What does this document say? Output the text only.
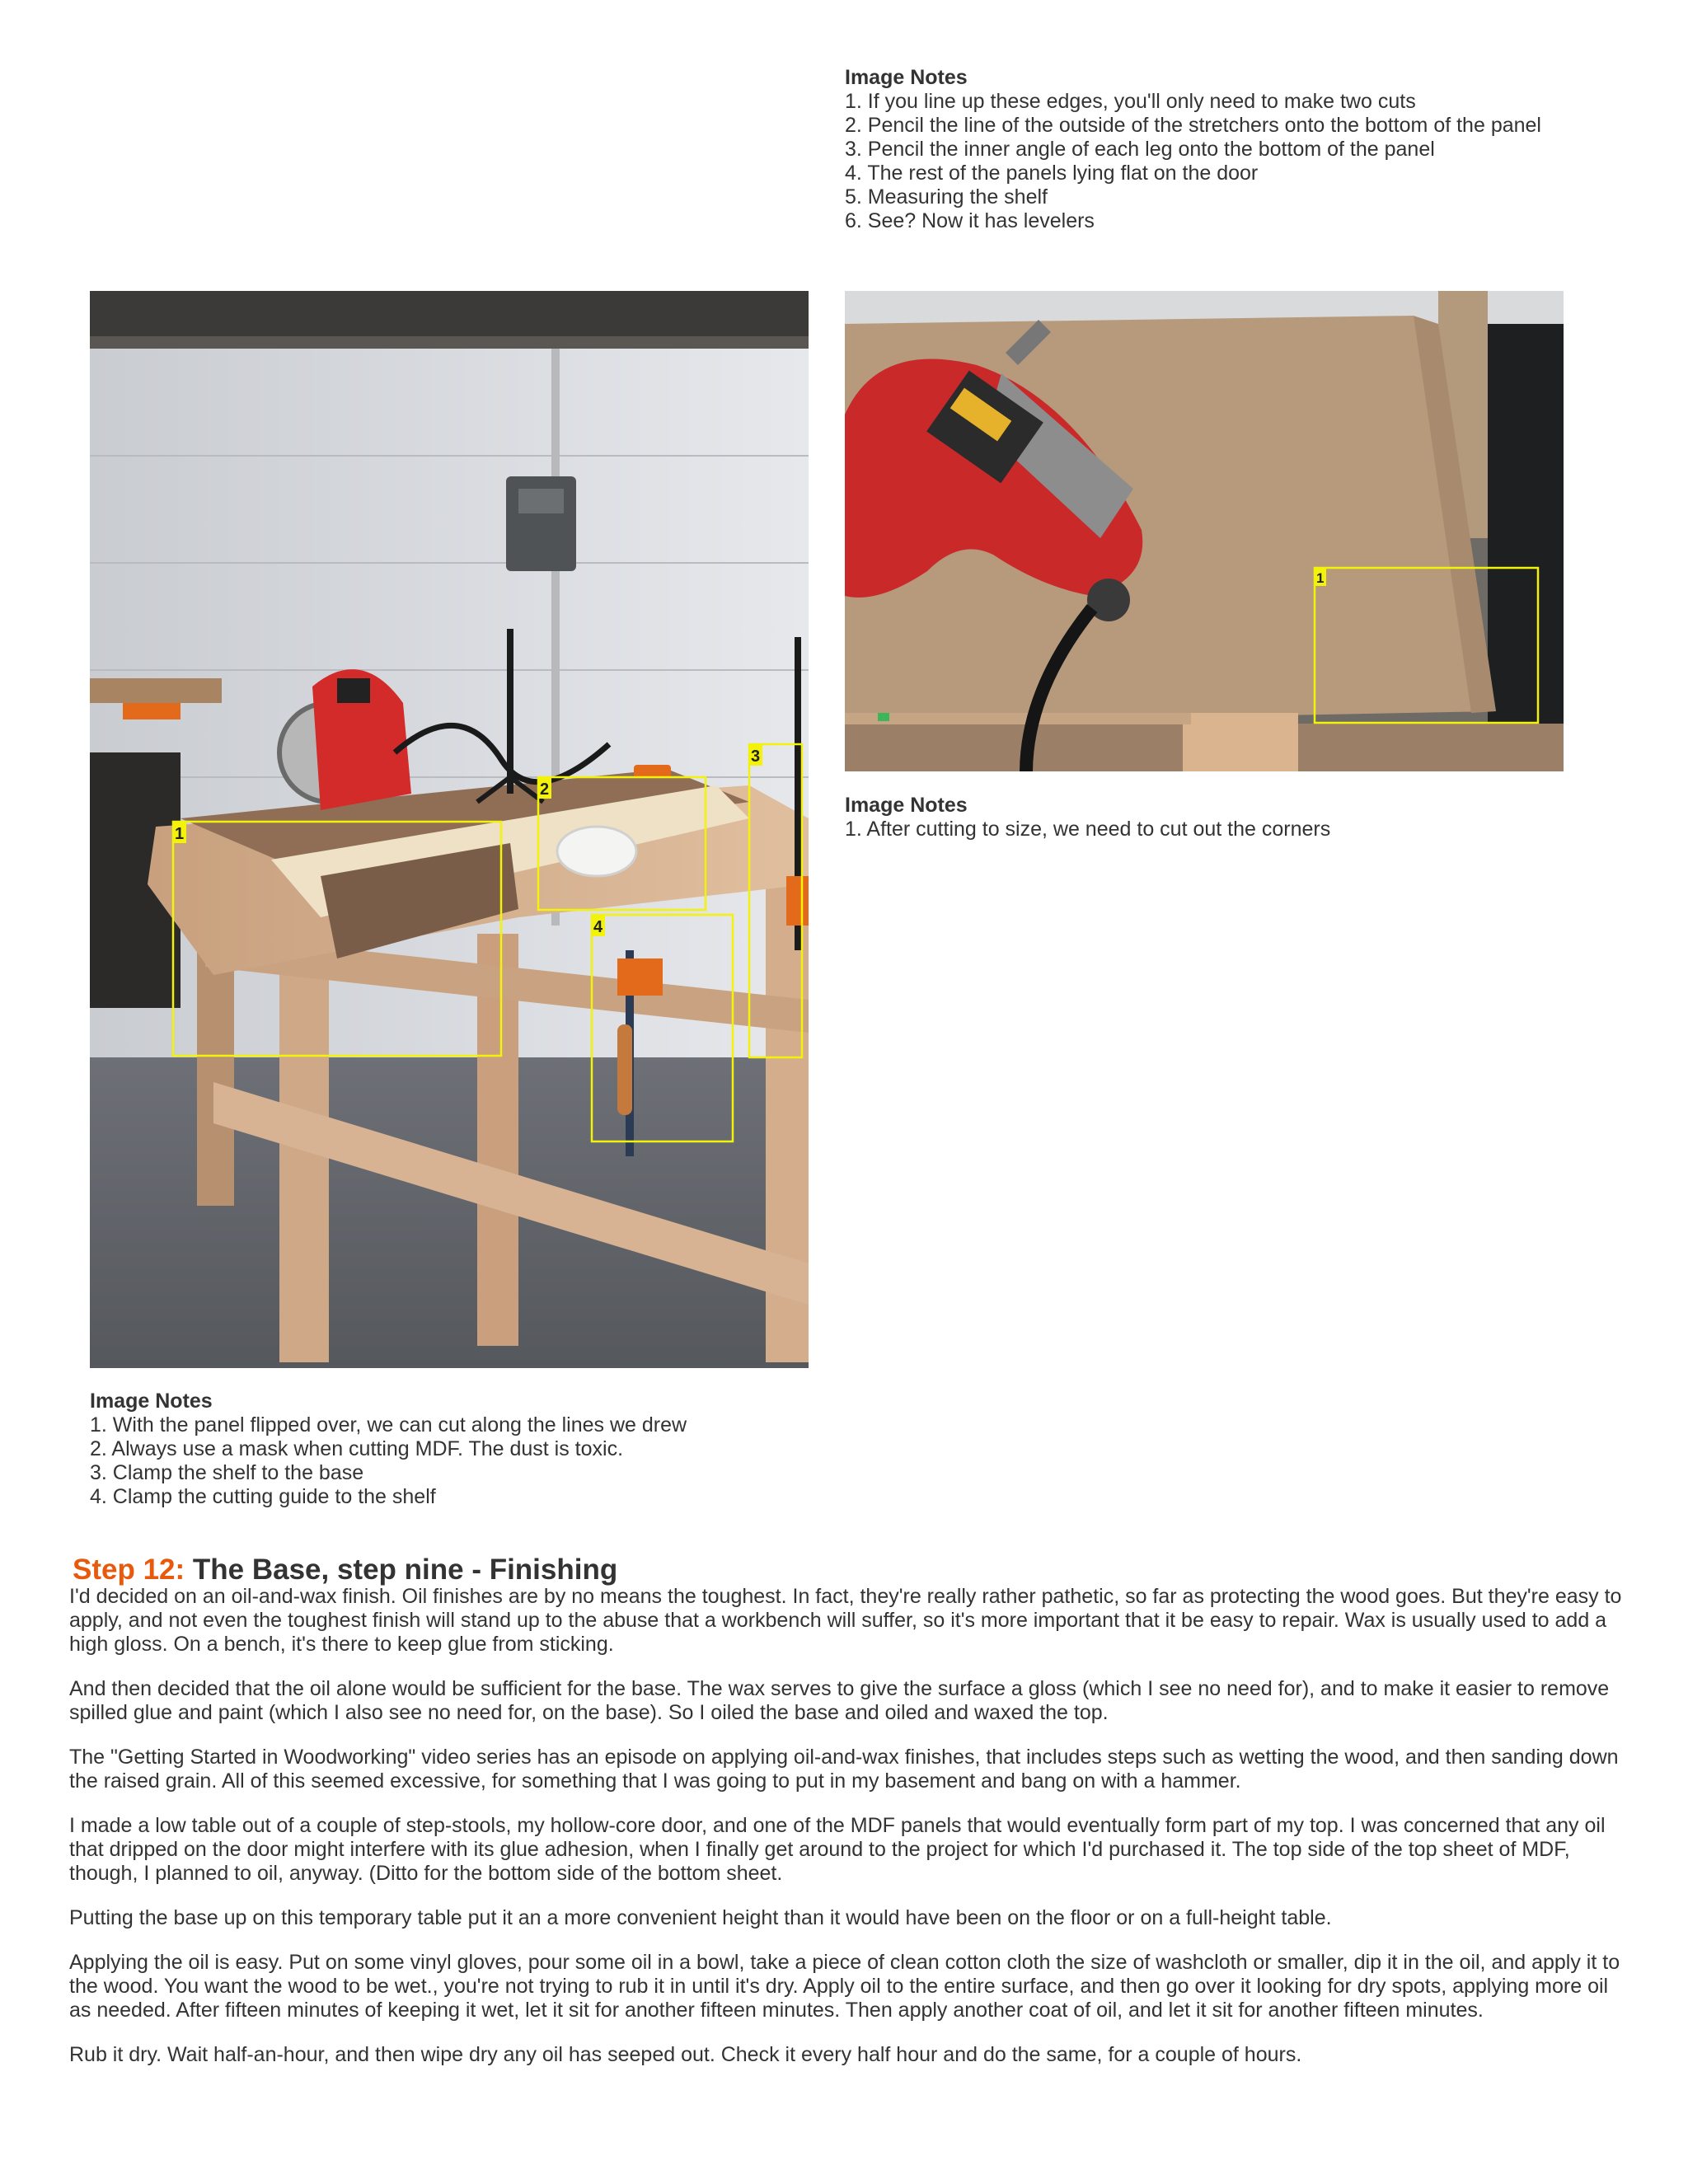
Image Notes
1. If you line up these edges, you'll only need to make two cuts
2. Pencil the line of the outside of the stretchers onto the bottom of the panel
3. Pencil the inner angle of each leg onto the bottom of the panel
4. The rest of the panels lying flat on the door
5. Measuring the shelf
6. See? Now it has levelers
1
2
3
4
1
Image Notes
1. After cutting to size, we need to cut out the corners
Image Notes
1. With the panel flipped over, we can cut along the lines we drew
2. Always use a mask when cutting MDF. The dust is toxic.
3. Clamp the shelf to the base
4. Clamp the cutting guide to the shelf
Step 12: The Base, step nine - Finishing

I'd decided on an oil-and-wax finish. Oil finishes are by no means the toughest. In fact, they're really rather pathetic, so far as protecting the wood goes. But they're easy to apply, and not even the toughest finish will stand up to the abuse that a workbench will suffer, so it's more important that it be easy to repair. Wax is usually used to add a high gloss. On a bench, it's there to keep glue from sticking.

And then decided that the oil alone would be sufficient for the base. The wax serves to give the surface a gloss (which I see no need for), and to make it easier to remove spilled glue and paint (which I also see no need for, on the base). So I oiled the base and oiled and waxed the top.

The "Getting Started in Woodworking" video series has an episode on applying oil-and-wax finishes, that includes steps such as wetting the wood, and then sanding down the raised grain. All of this seemed excessive, for something that I was going to put in my basement and bang on with a hammer.

I made a low table out of a couple of step-stools, my hollow-core door, and one of the MDF panels that would eventually form part of my top. I was concerned that any oil that dripped on the door might interfere with its glue adhesion, when I finally get around to the project for which I'd purchased it. The top side of the top sheet of MDF, though, I planned to oil, anyway. (Ditto for the bottom side of the bottom sheet.

Putting the base up on this temporary table put it an a more convenient height than it would have been on the floor or on a full-height table.

Applying the oil is easy. Put on some vinyl gloves, pour some oil in a bowl, take a piece of clean cotton cloth the size of washcloth or smaller, dip it in the oil, and apply it to the wood. You want the wood to be wet., you're not trying to rub it in until it's dry. Apply oil to the entire surface, and then go over it looking for dry spots, applying more oil as needed. After fifteen minutes of keeping it wet, let it sit for another fifteen minutes. Then apply another coat of oil, and let it sit for another fifteen minutes.

Rub it dry. Wait half-an-hour, and then wipe dry any oil has seeped out. Check it every half hour and do the same, for a couple of hours.
